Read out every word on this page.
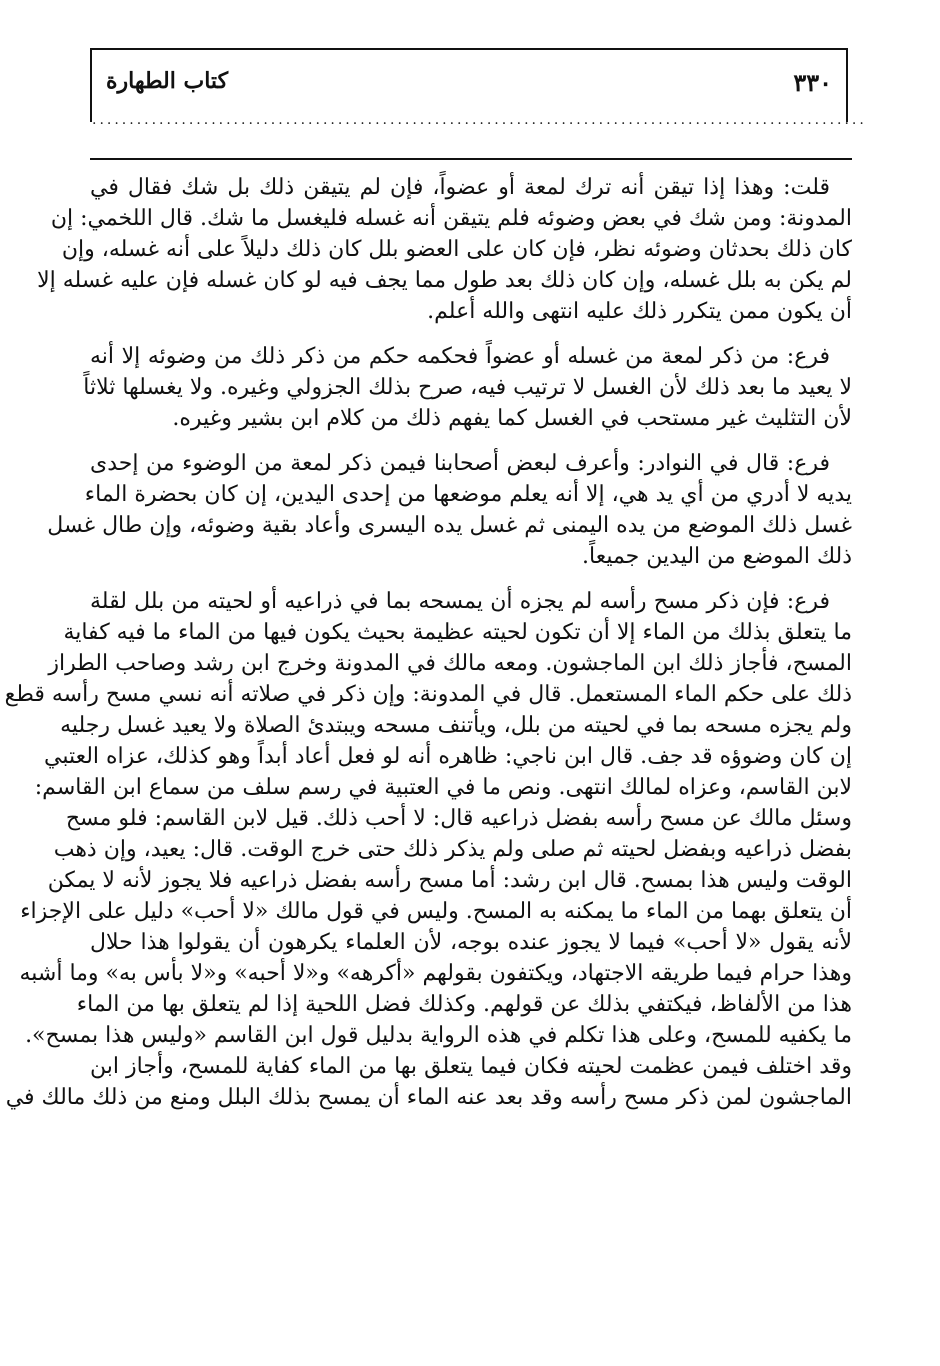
٣٣٠
كتاب الطهارة
........................................................................................................
قلت: وهذا إذا تيقن أنه ترك لمعة أو عضواً، فإن لم يتيقن ذلك بل شك فقال في
المدونة: ومن شك في بعض وضوئه فلم يتيقن أنه غسله فليغسل ما شك. قال اللخمي: إن
كان ذلك بحدثان وضوئه نظر، فإن كان على العضو بلل كان ذلك دليلاً على أنه غسله، وإن
لم يكن به بلل غسله، وإن كان ذلك بعد طول مما يجف فيه لو كان غسله فإن عليه غسله إلا
أن يكون ممن يتكرر ذلك عليه انتهى والله أعلم.
فرع: من ذكر لمعة من غسله أو عضواً فحكمه حكم من ذكر ذلك من وضوئه إلا أنه
لا يعيد ما بعد ذلك لأن الغسل لا ترتيب فيه، صرح بذلك الجزولي وغيره. ولا يغسلها ثلاثاً
لأن التثليث غير مستحب في الغسل كما يفهم ذلك من كلام ابن بشير وغيره.
فرع: قال في النوادر: وأعرف لبعض أصحابنا فيمن ذكر لمعة من الوضوء من إحدى
يديه لا أدري من أي يد هي، إلا أنه يعلم موضعها من إحدى اليدين، إن كان بحضرة الماء
غسل ذلك الموضع من يده اليمنى ثم غسل يده اليسرى وأعاد بقية وضوئه، وإن طال غسل
ذلك الموضع من اليدين جميعاً.
فرع: فإن ذكر مسح رأسه لم يجزه أن يمسحه بما في ذراعيه أو لحيته من بلل لقلة
ما يتعلق بذلك من الماء إلا أن تكون لحيته عظيمة بحيث يكون فيها من الماء ما فيه كفاية
المسح، فأجاز ذلك ابن الماجشون. ومعه مالك في المدونة وخرج ابن رشد وصاحب الطراز
ذلك على حكم الماء المستعمل. قال في المدونة: وإن ذكر في صلاته أنه نسي مسح رأسه قطع
ولم يجزه مسحه بما في لحيته من بلل، ويأتنف مسحه ويبتدئ الصلاة ولا يعيد غسل رجليه
إن كان وضوؤه قد جف. قال ابن ناجي: ظاهره أنه لو فعل أعاد أبداً وهو كذلك، عزاه العتبي
لابن القاسم، وعزاه لمالك انتهى. ونص ما في العتبية في رسم سلف من سماع ابن القاسم:
وسئل مالك عن مسح رأسه بفضل ذراعيه قال: لا أحب ذلك. قيل لابن القاسم: فلو مسح
بفضل ذراعيه وبفضل لحيته ثم صلى ولم يذكر ذلك حتى خرج الوقت. قال: يعيد، وإن ذهب
الوقت وليس هذا بمسح. قال ابن رشد: أما مسح رأسه بفضل ذراعيه فلا يجوز لأنه لا يمكن
أن يتعلق بهما من الماء ما يمكنه به المسح. وليس في قول مالك «لا أحب» دليل على الإجزاء
لأنه يقول «لا أحب» فيما لا يجوز عنده بوجه، لأن العلماء يكرهون أن يقولوا هذا حلال
وهذا حرام فيما طريقه الاجتهاد، ويكتفون بقولهم «أكرهه» و«لا أحبه» و«لا بأس به» وما أشبه
هذا من الألفاظ، فيكتفي بذلك عن قولهم. وكذلك فضل اللحية إذا لم يتعلق بها من الماء
ما يكفيه للمسح، وعلى هذا تكلم في هذه الرواية بدليل قول ابن القاسم «وليس هذا بمسح».
وقد اختلف فيمن عظمت لحيته فكان فيما يتعلق بها من الماء كفاية للمسح، وأجاز ابن
الماجشون لمن ذكر مسح رأسه وقد بعد عنه الماء أن يمسح بذلك البلل ومنع من ذلك مالك في
